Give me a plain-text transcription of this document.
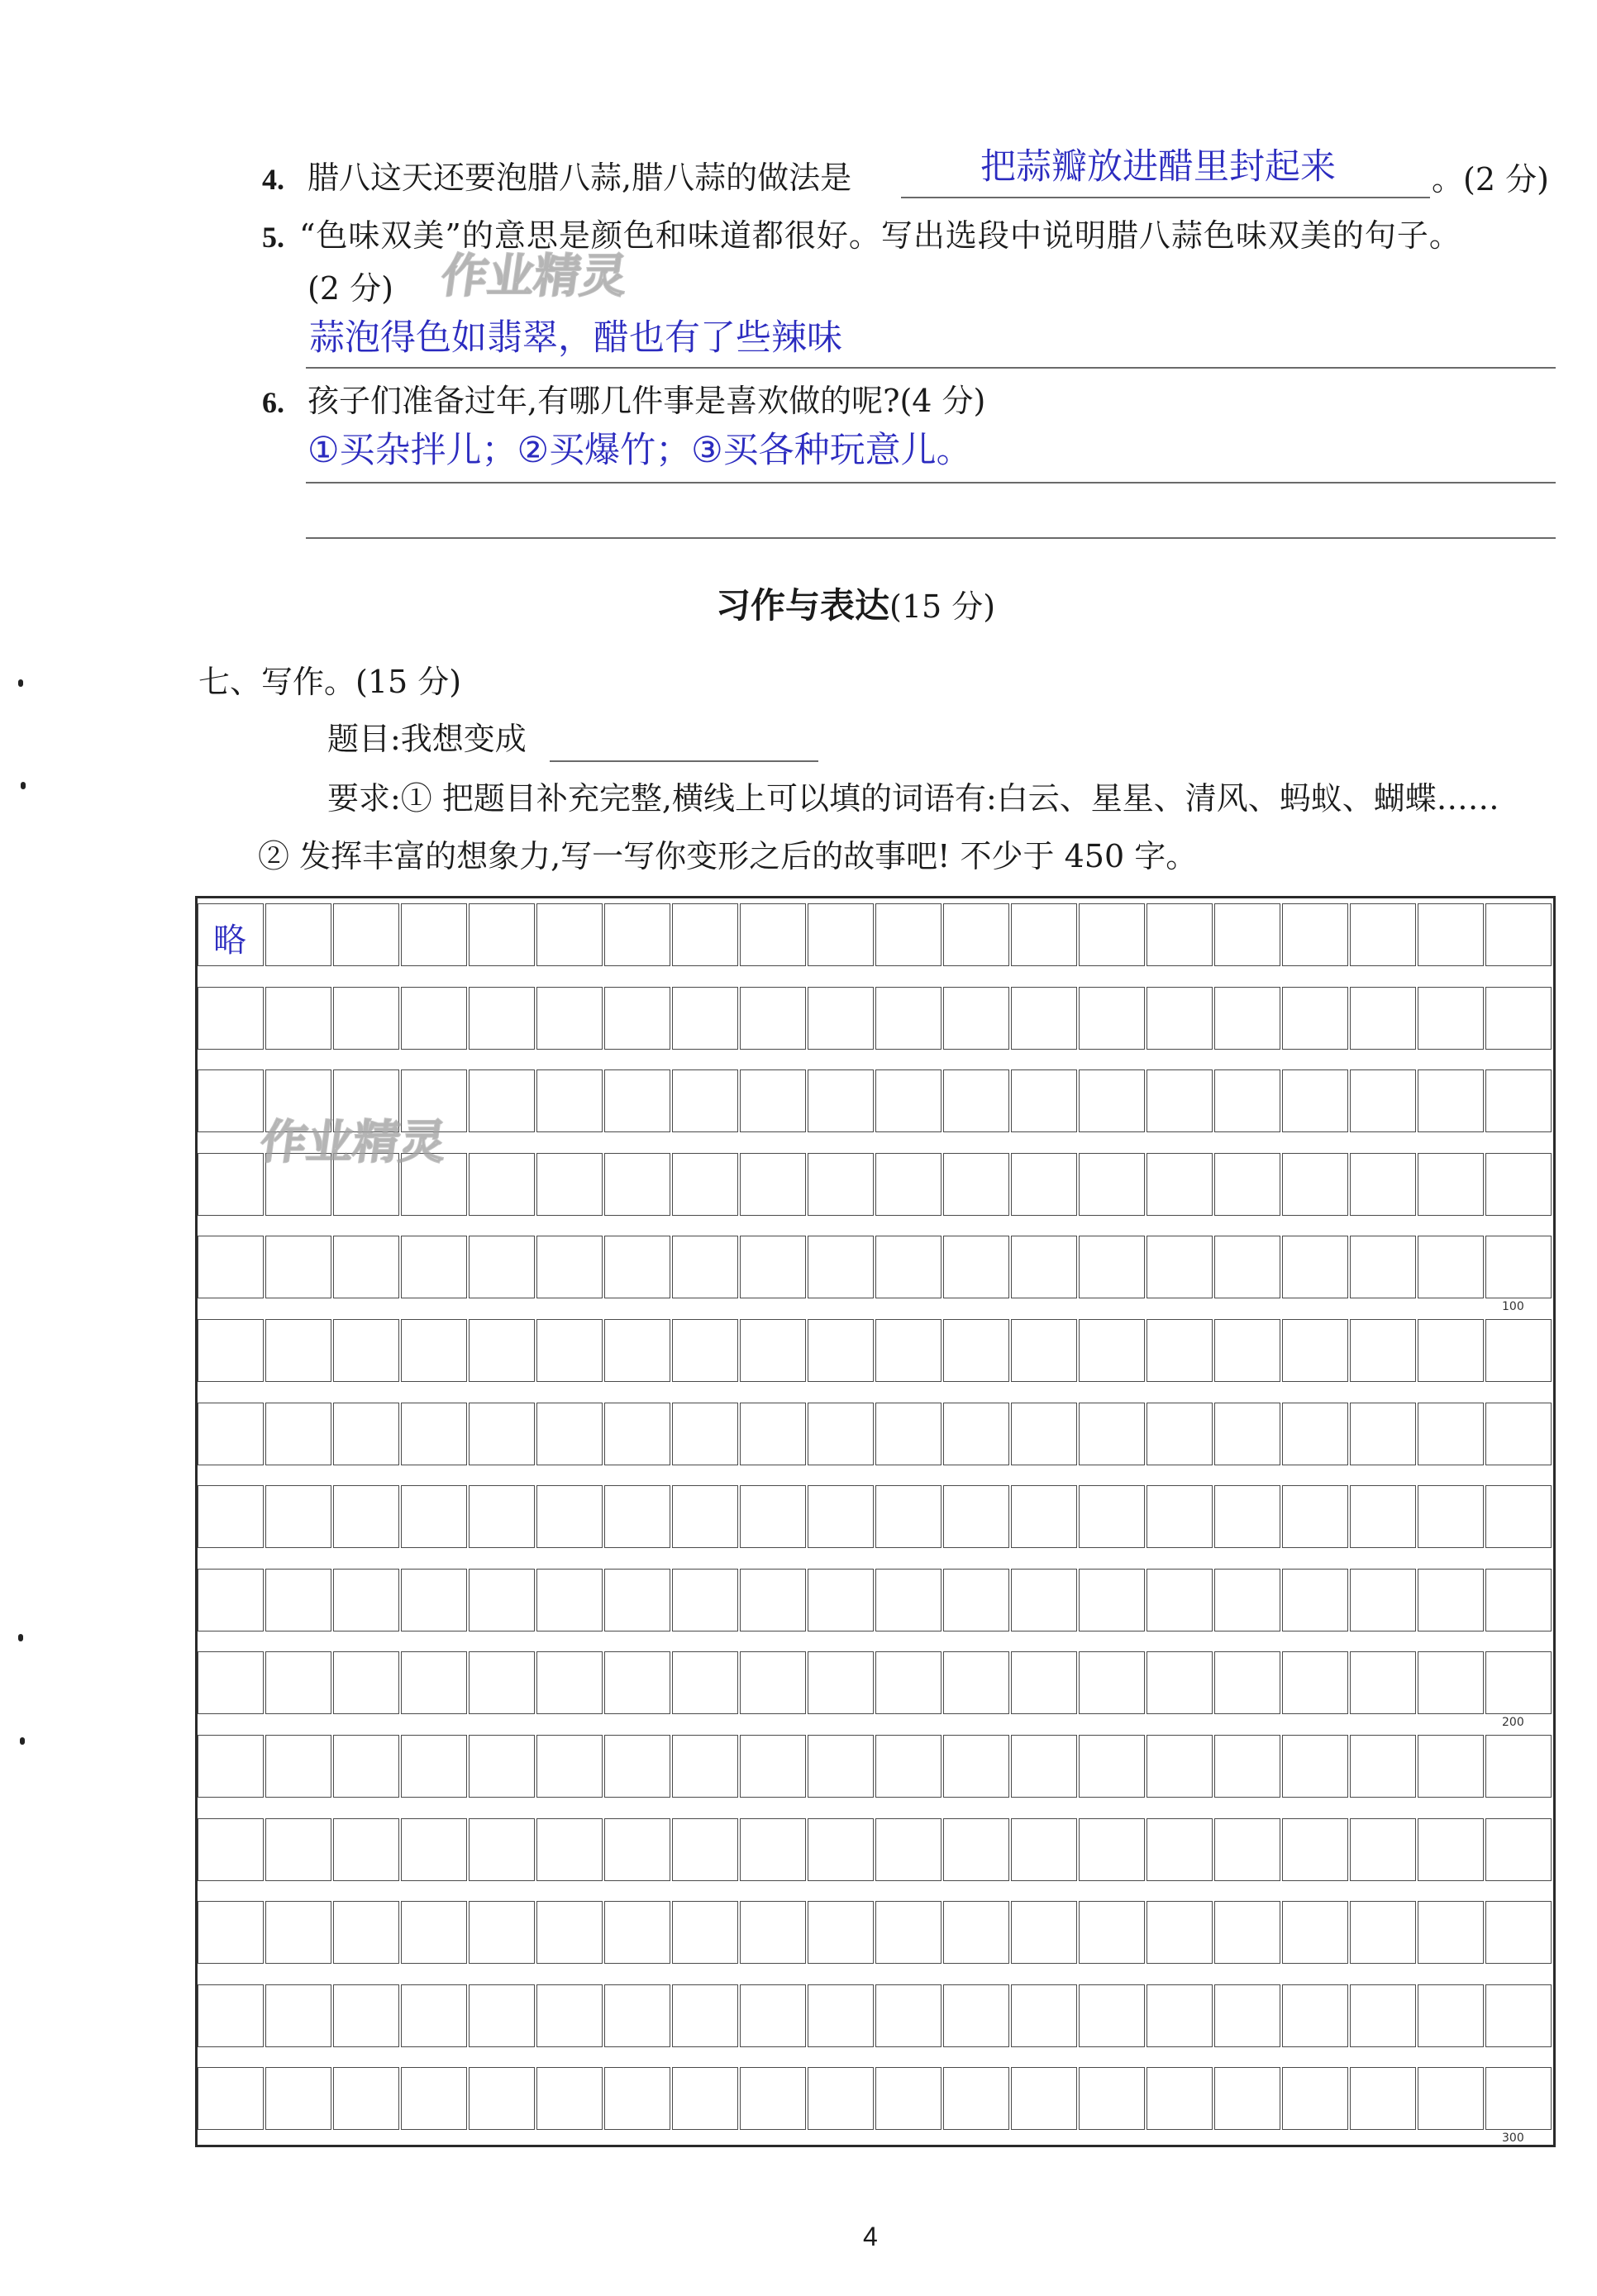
4. 腊八这天还要泡腊八蒜,腊八蒜的做法是	把蒜瓣放进醋里封起来	。(2 分)
5. “色味双美”的意思是颜色和味道都很好。写出选段中说明腊八蒜色味双美的句子。
(2 分)
蒜泡得色如翡翠，醋也有了些辣味
6. 孩子们准备过年,有哪几件事是喜欢做的呢?(4 分)
①买杂拌儿；②买爆竹；③买各种玩意儿。
习作与表达(15 分)
七、写作。(15 分)
题目:我想变成
要求:① 把题目补充完整,横线上可以填的词语有:白云、星星、清风、蚂蚁、蝴蝶……
② 发挥丰富的想象力,写一写你变形之后的故事吧! 不少于 450 字。
略
100
200
300
作业精灵
作业精灵
4
